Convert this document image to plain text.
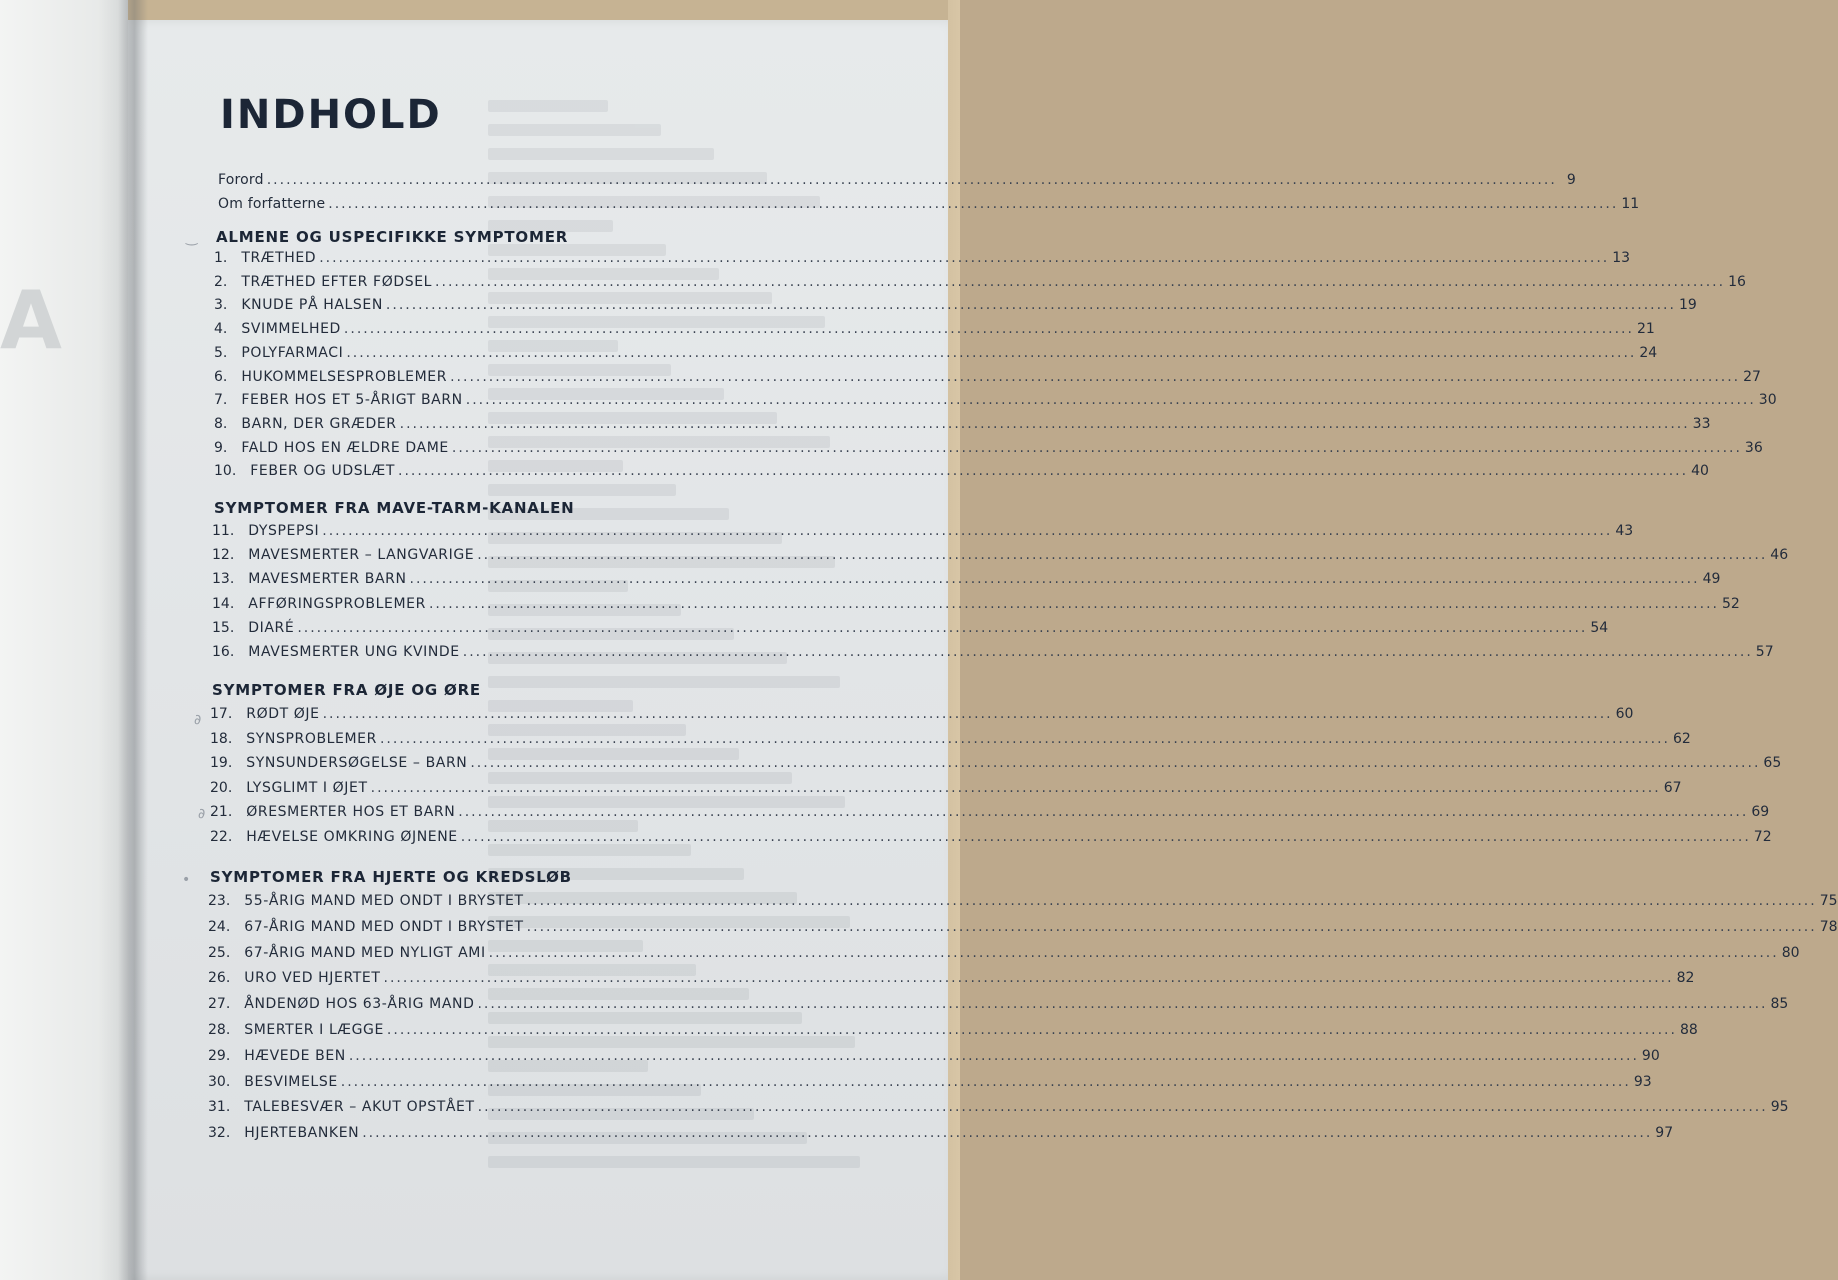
A
INDHOLD
Forord ........................................................................................................................................................................................................ 9
Om forfatterne ........................................................................................................................................................................................................ 11
‿ ALMENE OG USPECIFIKKE SYMPTOMER
1. TRÆTHED ........................................................................................................................................................................................................ 13
2. TRÆTHED EFTER FØDSEL ........................................................................................................................................................................................................ 16
3. KNUDE PÅ HALSEN ........................................................................................................................................................................................................ 19
4. SVIMMELHED ........................................................................................................................................................................................................ 21
5. POLYFARMACI ........................................................................................................................................................................................................ 24
6. HUKOMMELSESPROBLEMER ........................................................................................................................................................................................................ 27
7. FEBER HOS ET 5-ÅRIGT BARN ........................................................................................................................................................................................................ 30
8. BARN, DER GRÆDER ........................................................................................................................................................................................................ 33
9. FALD HOS EN ÆLDRE DAME ........................................................................................................................................................................................................ 36
10. FEBER OG UDSLÆT ........................................................................................................................................................................................................ 40
SYMPTOMER FRA MAVE-TARM-KANALEN
11. DYSPEPSI ........................................................................................................................................................................................................ 43
12. MAVESMERTER – LANGVARIGE ........................................................................................................................................................................................................ 46
13. MAVESMERTER BARN ........................................................................................................................................................................................................ 49
14. AFFØRINGSPROBLEMER ........................................................................................................................................................................................................ 52
15. DIARÉ ........................................................................................................................................................................................................ 54
16. MAVESMERTER UNG KVINDE ........................................................................................................................................................................................................ 57
SYMPTOMER FRA ØJE OG ØRE
∂
∂
17. RØDT ØJE ........................................................................................................................................................................................................ 60
18. SYNSPROBLEMER ........................................................................................................................................................................................................ 62
19. SYNSUNDERSØGELSE – BARN ........................................................................................................................................................................................................ 65
20. LYSGLIMT I ØJET ........................................................................................................................................................................................................ 67
21. ØRESMERTER HOS ET BARN ........................................................................................................................................................................................................ 69
22. HÆVELSE OMKRING ØJNENE ........................................................................................................................................................................................................ 72
• SYMPTOMER FRA HJERTE OG KREDSLØB
23. 55-ÅRIG MAND MED ONDT I BRYSTET ........................................................................................................................................................................................................ 75
24. 67-ÅRIG MAND MED ONDT I BRYSTET ........................................................................................................................................................................................................ 78
25. 67-ÅRIG MAND MED NYLIGT AMI ........................................................................................................................................................................................................ 80
26. URO VED HJERTET ........................................................................................................................................................................................................ 82
27. ÅNDENØD HOS 63-ÅRIG MAND ........................................................................................................................................................................................................ 85
28. SMERTER I LÆGGE ........................................................................................................................................................................................................ 88
29. HÆVEDE BEN ........................................................................................................................................................................................................ 90
30. BESVIMELSE ........................................................................................................................................................................................................ 93
31. TALEBESVÆR – AKUT OPSTÅET ........................................................................................................................................................................................................ 95
32. HJERTEBANKEN ........................................................................................................................................................................................................ 97
